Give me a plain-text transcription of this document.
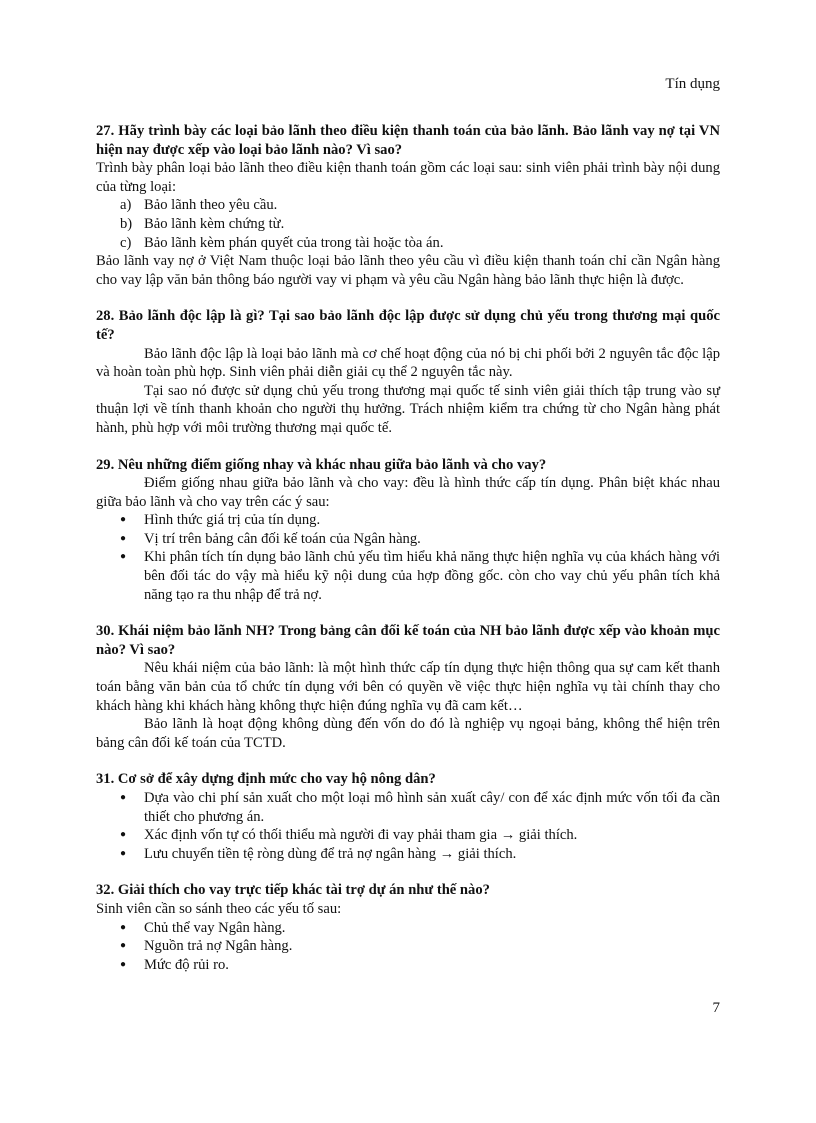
Tín dụng

27. Hãy trình bày các loại bảo lãnh theo điều kiện thanh toán của bảo lãnh. Bảo lãnh vay nợ tại VN hiện nay được xếp vào loại bảo lãnh nào? Vì sao?

Trình bày phân loại bảo lãnh theo điều kiện thanh toán gồm các loại sau: sinh viên phải trình bày nội dung của từng loại:

a) Bảo lãnh theo yêu cầu.
b) Bảo lãnh kèm chứng từ.
c) Bảo lãnh kèm phán quyết của trong tài hoặc tòa án.

Bảo lãnh vay nợ ở Việt Nam thuộc loại bảo lãnh theo yêu cầu vì điều kiện thanh toán chỉ cần Ngân hàng cho vay lập văn bản thông báo người vay vi phạm và yêu cầu Ngân hàng bảo lãnh thực hiện là được.

28. Bảo lãnh độc lập là gì? Tại sao bảo lãnh độc lập được sử dụng chủ yếu trong thương mại quốc tế?

Bảo lãnh độc lập là loại bảo lãnh mà cơ chế hoạt động của nó bị chi phối bởi 2 nguyên tắc độc lập và hoàn toàn phù hợp. Sinh viên phải diễn giải cụ thể 2 nguyên tắc này.

Tại sao nó được sử dụng chủ yếu trong thương mại quốc tế sinh viên giải thích tập trung vào sự thuận lợi về tính thanh khoản cho người thụ hưởng. Trách nhiệm kiểm tra chứng từ cho Ngân hàng phát hành, phù hợp với môi trường thương mại quốc tế.

29. Nêu những điểm giống nhay và khác nhau giữa bảo lãnh và cho vay?

Điểm giống nhau giữa bảo lãnh và cho vay: đều là hình thức cấp tín dụng. Phân biệt khác nhau giữa bảo lãnh và cho vay trên các ý sau:

●	Hình thức giá trị của tín dụng.
●	Vị trí trên bảng cân đối kế toán của Ngân hàng.
●	Khi phân tích tín dụng bảo lãnh chủ yếu tìm hiểu khả năng thực hiện nghĩa vụ của khách hàng với bên đối tác do vậy mà hiểu kỹ nội dung của hợp đồng gốc. còn cho vay chủ yếu phân tích khả năng tạo ra thu nhập để trả nợ.

30. Khái niệm bảo lãnh NH? Trong bảng cân đối kế toán của NH bảo lãnh được xếp vào khoản mục nào? Vì sao?

Nêu khái niệm của bảo lãnh: là một hình thức cấp tín dụng thực hiện thông qua sự cam kết thanh toán bằng văn bản của tổ chức tín dụng với bên có quyền về việc thực hiện nghĩa vụ tài chính thay cho khách hàng khi khách hàng không thực hiện đúng nghĩa vụ đã cam kết…

Bảo lãnh là hoạt động không dùng đến vốn do đó là nghiệp vụ ngoại bảng, không thể hiện trên bảng cân đối kế toán của TCTD.

31. Cơ sở để xây dựng định mức cho vay hộ nông dân?

●	Dựa vào chi phí sản xuất cho một loại mô hình sản xuất cây/ con để xác định mức vốn tối đa cần thiết cho phương án.
●	Xác định vốn tự có thối thiểu mà người đi vay phải tham gia → giải thích.
●	Lưu chuyển tiền tệ ròng dùng để trả nợ ngân hàng → giải thích.

32. Giải thích cho vay trực tiếp khác tài trợ dự án như thế nào?

Sinh viên cần so sánh theo các yếu tố sau:

●	Chủ thể vay Ngân hàng.
●	Nguồn trả nợ Ngân hàng.
●	Mức độ rủi ro.
7
